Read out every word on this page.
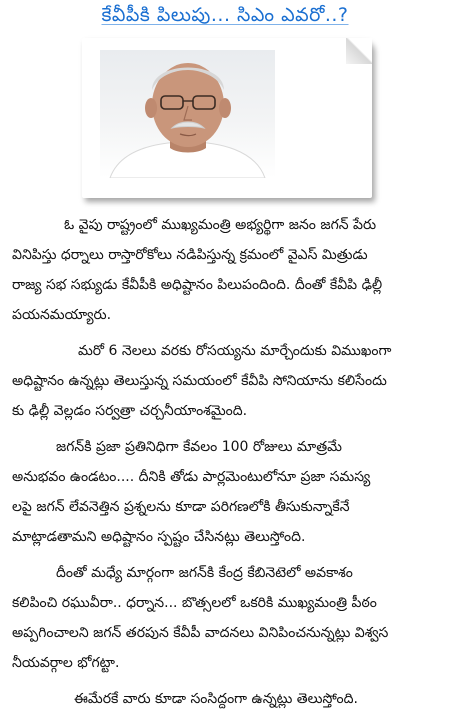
కేవీపీకి పిలుపు... సిఎం ఎవరో..?

ఓ వైపు రాష్ట్రంలో ముఖ్యమంత్రి అభ్యర్థిగా జనం జగన్ పేరు
వినిపిస్తు ధర్నాలు రాస్తారోకోలు నడిపిస్తున్న క్రమంలో వైఎస్ మిత్రుడు
రాజ్య సభ సభ్యుడు కేవీపీకి అధిష్టానం పిలుపందింది. దీంతో కేవీపి ఢిల్లీ
పయనమయ్యారు.

మరో 6 నెలలు వరకు రోసయ్యను మార్చేందుకు విముఖంగా
అధిష్టానం ఉన్నట్లు తెలుస్తున్న సమయంలో కేవీపి సోనియాను కలిసేందు
కు ఢిల్లీ వెల్లడం సర్వత్రా చర్చనీయాంశమైంది.

జగన్‌కి ప్రజా ప్రతినిధిగా కేవలం 100 రోజులు మాత్రమే
అనుభవం ఉండటం.... దీనికి తోడు పార్లమెంటులోనూ ప్రజా సమస్య
లపై జగన్ లేవనెత్తిన ప్రశ్నలను కూడా పరిగణలోకి తీసుకున్నాకేనే
మాట్లాడతామని అధిష్టానం స్పష్టం చేసినట్లు తెలుస్తోంది.

దీంతో మధ్యే మార్గంగా జగన్‌కి కేంద్ర కేబినెటెలో అవకాశం
కలిపించి రఘువీరా.. ధర్నాన... బొత్సలలో ఒకరికి ముఖ్యమంత్రి పీఠం
అప్పగించాలని జగన్ తరపున కేవీపీ వాదనలు వినిపించనున్నట్లు విశ్వస
నీయవర్గాల భోగట్టా.

ఈమేరకే వారు కూడా సంసిద్దంగా ఉన్నట్లు తెలుస్తోంది.
